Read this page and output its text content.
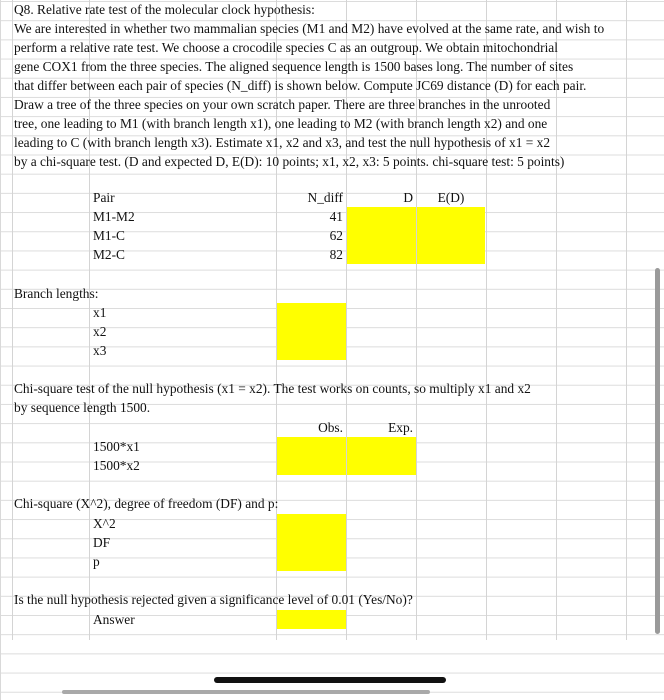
Q8. Relative rate test of the molecular clock hypothesis:
We are interested in whether two mammalian species (M1 and M2) have evolved at the same rate, and wish to
perform a relative rate test. We choose a crocodile species C as an outgroup. We obtain mitochondrial
gene COX1 from the three species. The aligned sequence length is 1500 bases long. The number of sites
that differ between each pair of species (N_diff) is shown below. Compute JC69 distance (D) for each pair.
Draw a tree of the three species on your own scratch paper. There are three branches in the unrooted
tree, one leading to M1 (with branch length x1), one leading to M2 (with branch length x2) and one
leading to C (with branch length x3). Estimate x1, x2 and x3, and test the null hypothesis of x1 = x2
by a chi-square test. (D and expected D, E(D): 10 points; x1, x2, x3: 5 points. chi-square test: 5 points)
Pair	N_diff	D	E(D)
M1-M2	41
M1-C	62
M2-C	82
Branch lengths:
x1
x2
x3
Chi-square test of the null hypothesis (x1 = x2). The test works on counts, so multiply x1 and x2
by sequence length 1500.
Obs.	Exp.
1500*x1
1500*x2
Chi-square (X^2), degree of freedom (DF) and p:
X^2
DF
p
Is the null hypothesis rejected given a significance level of 0.01 (Yes/No)?
Answer
